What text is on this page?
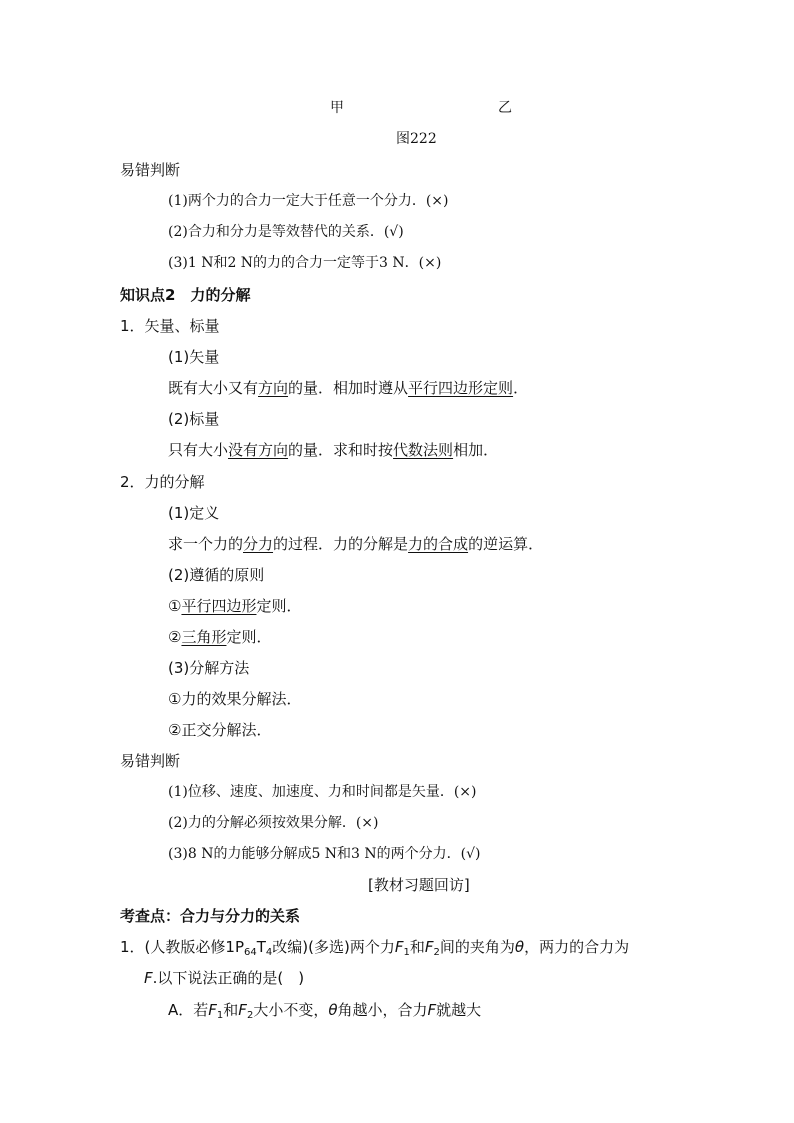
甲	乙
图222
易错判断
(1)两个力的合力一定大于任意一个分力．(×)
(2)合力和分力是等效替代的关系．(√)
(3)1 N和2 N的力的合力一定等于3 N．(×)
知识点2　力的分解
1．矢量、标量
(1)矢量
既有大小又有方向的量．相加时遵从平行四边形定则．
(2)标量
只有大小没有方向的量．求和时按代数法则相加．
2．力的分解
(1)定义
求一个力的分力的过程．力的分解是力的合成的逆运算．
(2)遵循的原则
①平行四边形定则．
②三角形定则．
(3)分解方法
①力的效果分解法．
②正交分解法．
易错判断
(1)位移、速度、加速度、力和时间都是矢量．(×)
(2)力的分解必须按效果分解．(×)
(3)8 N的力能够分解成5 N和3 N的两个分力．(√)
[教材习题回访]
考查点：合力与分力的关系
1．(人教版必修$1P_{64}T_4$改编)(多选)两个力$F_1$和$F_2$间的夹角为θ，两力的合力为
F.以下说法正确的是(　)
A．若$F_1$和$F_2$大小不变，θ角越小，合力F就越大
